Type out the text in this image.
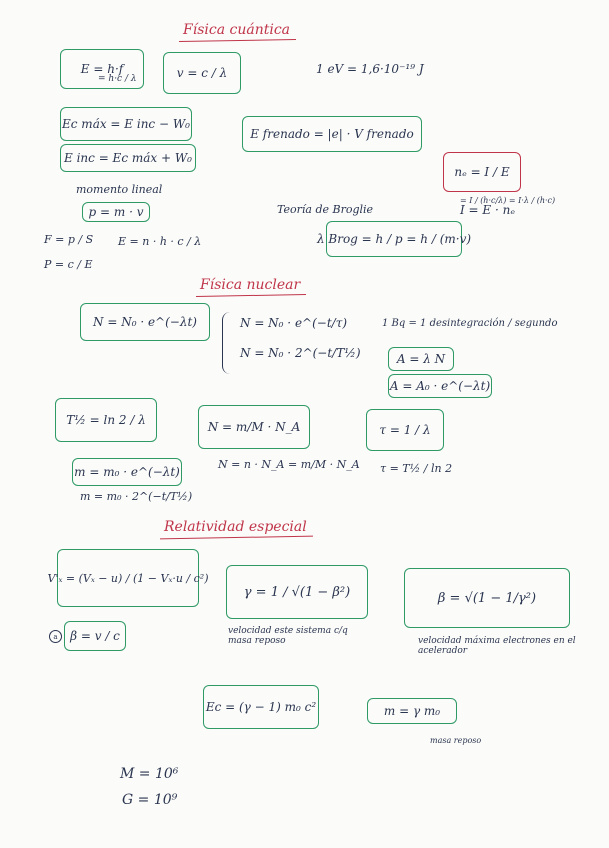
Física cuántica
E = h·f
= h·c / λ	v = c / λ	1 eV = 1,6·10⁻¹⁹ J
Ec máx = E inc − W₀
E inc = Ec máx + W₀
E frenado = |e| · V frenado
nₑ = I / E
= I / (h·c/λ) = I·λ / (h·c)
I = E · nₑ
momento lineal
p = m · v	Teoría de Broglie
λ Brog = h / p = h / (m·v)
F = p / S E = n · h · c / λ
P = c / E
Física nuclear
N = N₀ · e^(−λt)	N = N₀ · e^(−t/τ)
N = N₀ · 2^(−t/T½)
1 Bq = 1 desintegración / segundo
A = λ N
A = A₀ · e^(−λt)
T½ = ln 2 / λ	N = m/M · N_A
N = n · N_A = m/M · N_A
τ = 1 / λ
τ = T½ / ln 2
m = m₀ · e^(−λt)
m = m₀ · 2^(−t/T½)
Relatividad especial
V'ₓ = (Vₓ − u) / (1 − Vₓ·u / c²)
γ = 1 / √(1 − β²)
velocidad este sistema c/q masa reposo
β = √(1 − 1/γ²)
velocidad máxima electrones en el acelerador
a	β = v / c
Ec = (γ − 1) m₀ c²	m = γ m₀
masa reposo
M = 10⁶
G = 10⁹
